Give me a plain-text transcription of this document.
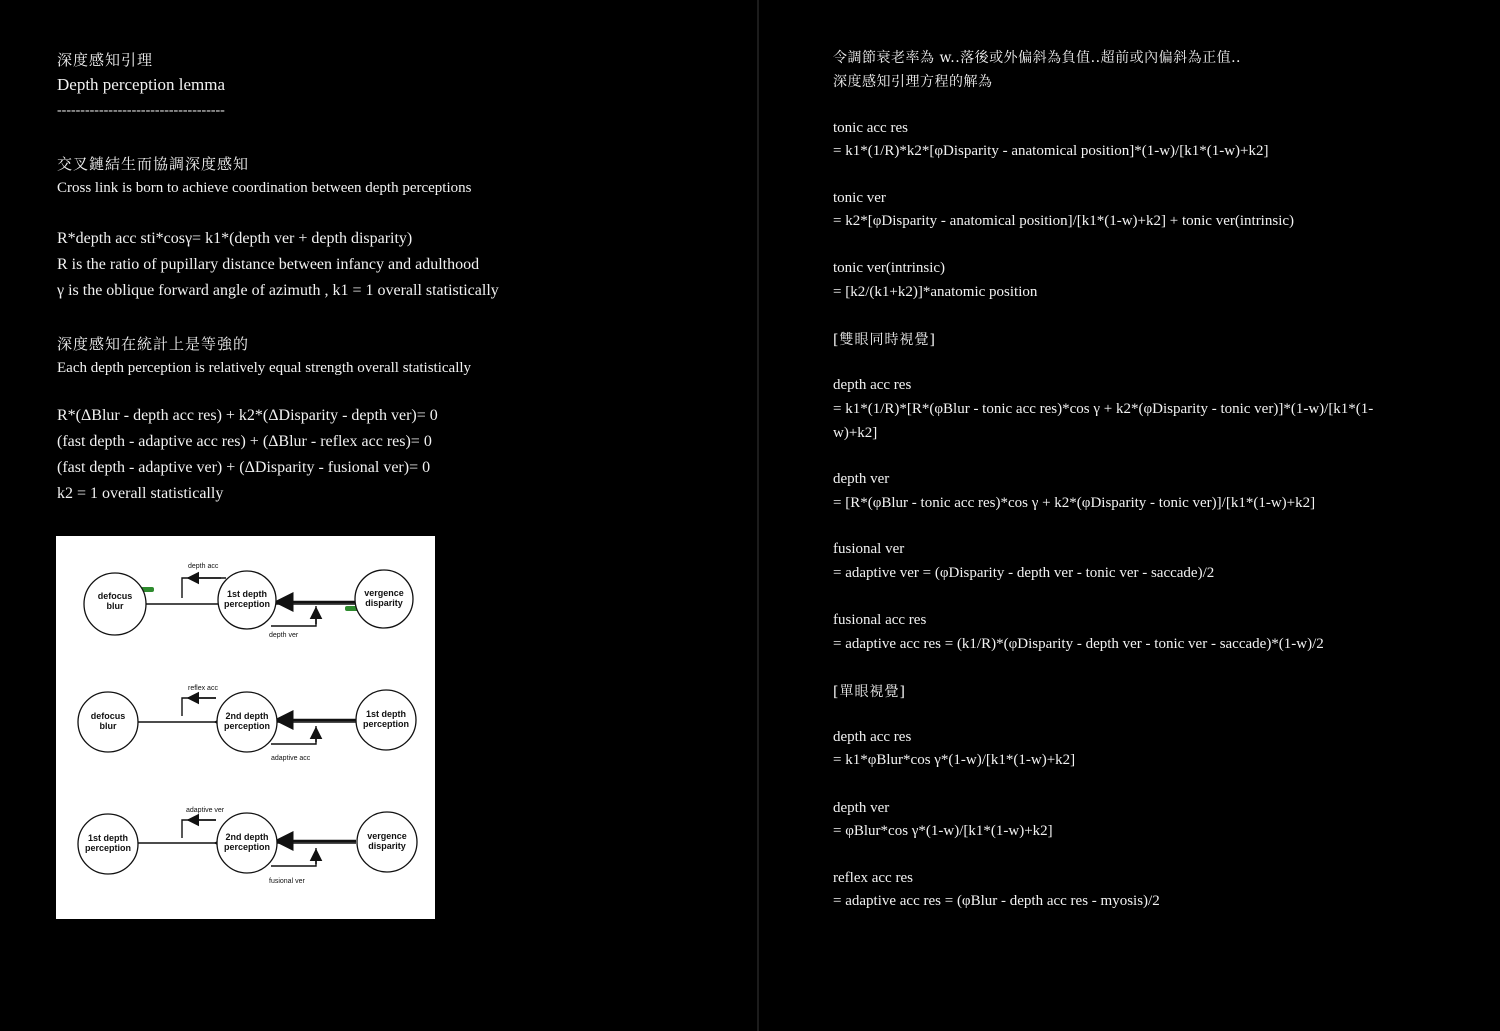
深度感知引理
Depth perception lemma
------------------------------------
交叉鏈結生而協調深度感知
Cross link is born to achieve coordination between depth perceptions
R*depth acc sti*cosγ= k1*(depth ver + depth disparity)
R is the ratio of pupillary distance between infancy and adulthood
γ is the oblique forward angle of azimuth , k1 = 1 overall statistically
深度感知在統計上是等強的
Each depth perception is relatively equal strength overall statistically
R*(ΔBlur - depth acc res) + k2*(ΔDisparity - depth ver)= 0
(fast depth - adaptive acc res) + (ΔBlur - reflex acc res)= 0
(fast depth - adaptive ver) + (ΔDisparity - fusional ver)= 0
k2 = 1 overall statistically
defocus
blur
1st depth
perception
vergence
disparity
depth acc
depth ver
defocus
blur
2nd depth
perception
1st depth
perception
reflex acc
adaptive acc
1st depth
perception
2nd depth
perception
vergence
disparity
adaptive ver
fusional ver
令調節衰老率為 w..落後或外偏斜為負值..超前或內偏斜為正值..
深度感知引理方程的解為
tonic acc res
= k1*(1/R)*k2*[φDisparity - anatomical position]*(1-w)/[k1*(1-w)+k2]
tonic ver
= k2*[φDisparity - anatomical position]/[k1*(1-w)+k2] + tonic ver(intrinsic)
tonic ver(intrinsic)
= [k2/(k1+k2)]*anatomic position
[雙眼同時視覺]
depth acc res
= k1*(1/R)*[R*(φBlur - tonic acc res)*cos γ + k2*(φDisparity - tonic ver)]*(1-w)/[k1*(1-
w)+k2]
depth ver
= [R*(φBlur - tonic acc res)*cos γ + k2*(φDisparity - tonic ver)]/[k1*(1-w)+k2]
fusional ver
= adaptive ver = (φDisparity - depth ver - tonic ver - saccade)/2
fusional acc res
= adaptive acc res = (k1/R)*(φDisparity - depth ver - tonic ver - saccade)*(1-w)/2
[單眼視覺]
depth acc res
= k1*φBlur*cos γ*(1-w)/[k1*(1-w)+k2]
depth ver
= φBlur*cos γ*(1-w)/[k1*(1-w)+k2]
reflex acc res
= adaptive acc res = (φBlur - depth acc res - myosis)/2
